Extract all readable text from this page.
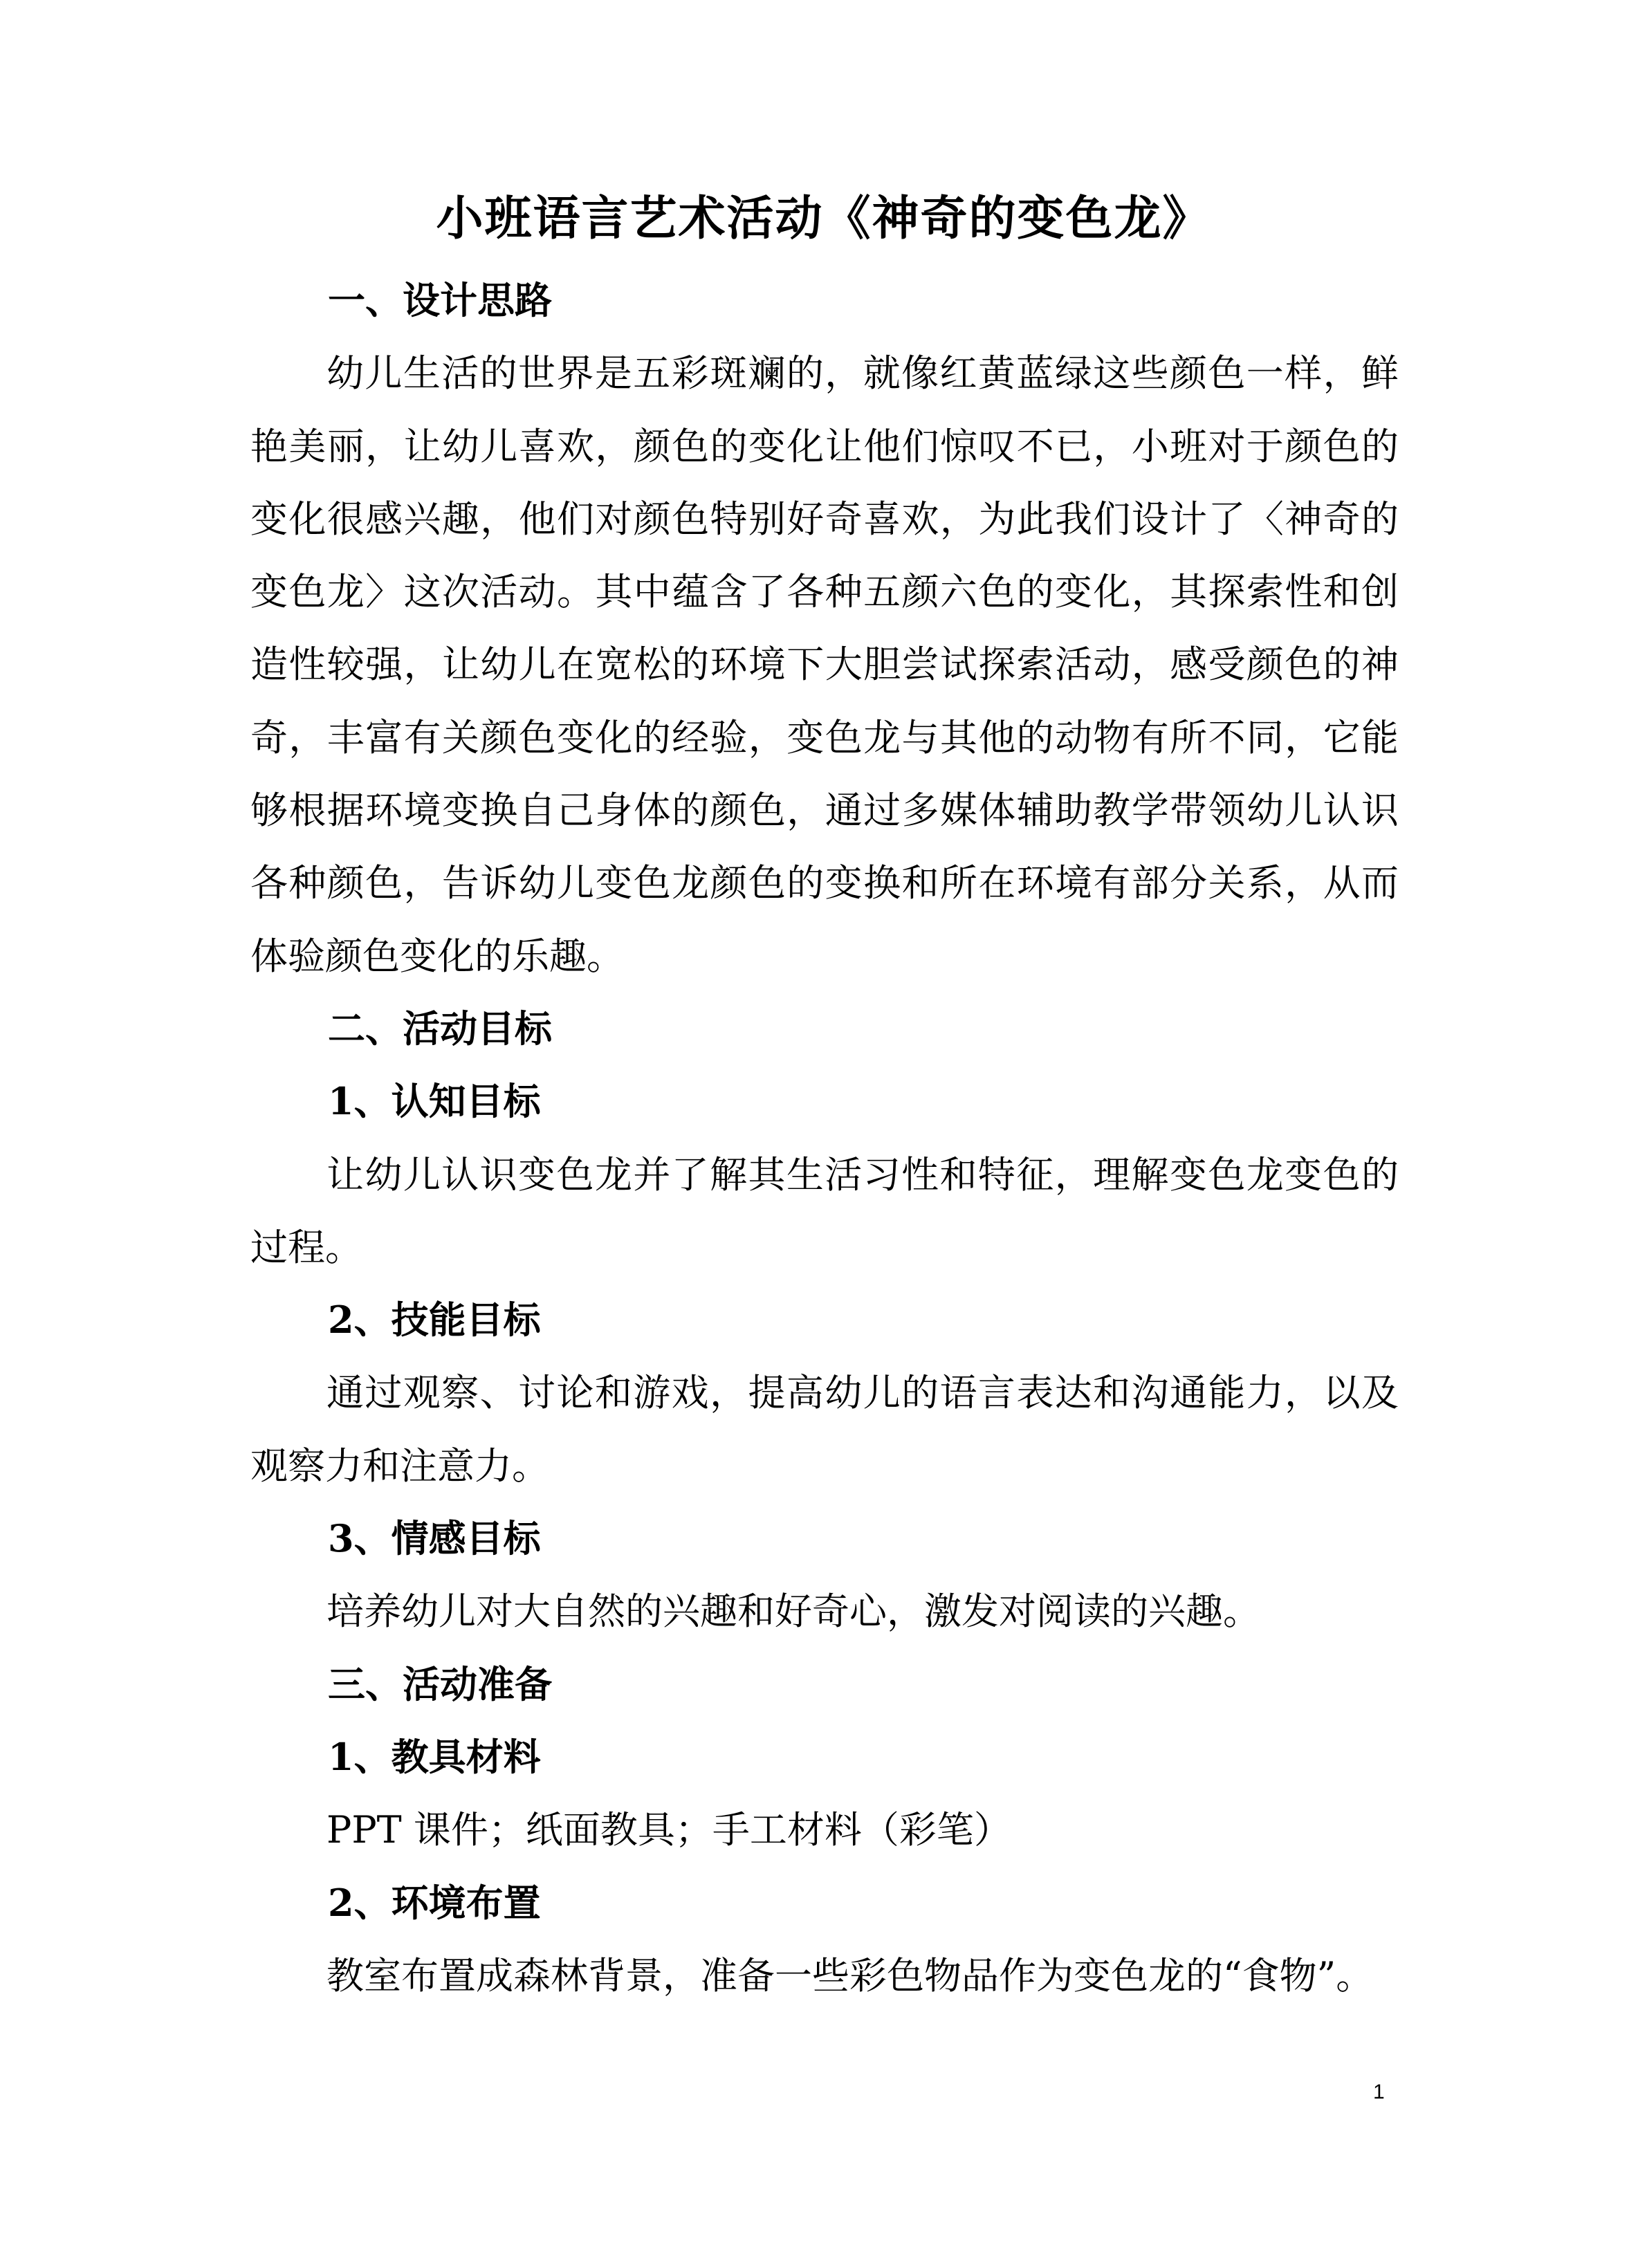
小班语言艺术活动《神奇的变色龙》
一、设计思路

幼儿生活的世界是五彩斑斓的，就像红黄蓝绿这些颜色一样，鲜艳美丽，让幼儿喜欢，颜色的变化让他们惊叹不已，小班对于颜色的变化很感兴趣，他们对颜色特别好奇喜欢，为此我们设计了〈神奇的变色龙〉这次活动。其中蕴含了各种五颜六色的变化，其探索性和创造性较强，让幼儿在宽松的环境下大胆尝试探索活动，感受颜色的神奇，丰富有关颜色变化的经验，变色龙与其他的动物有所不同，它能够根据环境变换自己身体的颜色，通过多媒体辅助教学带领幼儿认识各种颜色，告诉幼儿变色龙颜色的变换和所在环境有部分关系，从而体验颜色变化的乐趣。

二、活动目标
1、认知目标

让幼儿认识变色龙并了解其生活习性和特征，理解变色龙变色的过程。

2、技能目标

通过观察、讨论和游戏，提高幼儿的语言表达和沟通能力，以及观察力和注意力。

3、情感目标

培养幼儿对大自然的兴趣和好奇心，激发对阅读的兴趣。

三、活动准备
1、教具材料

PPT 课件；纸面教具；手工材料（彩笔）

2、环境布置

教室布置成森林背景，准备一些彩色物品作为变色龙的“食物”。

1
